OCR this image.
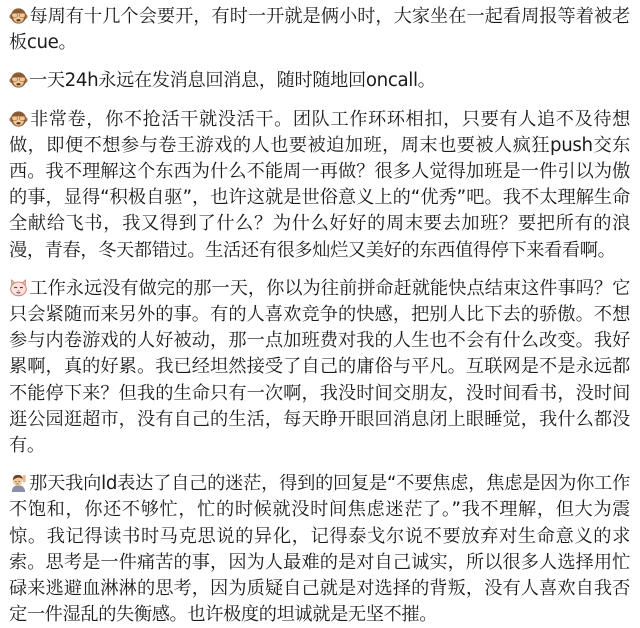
每周有十几个会要开，有时一开就是俩小时，大家坐在一起看周报等着被老板cue。

一天24h永远在发消息回消息，随时随地回oncall。

非常卷，你不抢活干就没活干。团队工作环环相扣，只要有人追不及待想做，即便不想参与卷王游戏的人也要被迫加班，周末也要被人疯狂push交东西。我不理解这个东西为什么不能周一再做？很多人觉得加班是一件引以为傲的事，显得“积极自驱”，也许这就是世俗意义上的“优秀”吧。我不太理解生命全献给飞书，我又得到了什么？为什么好好的周末要去加班？要把所有的浪漫，青春，冬天都错过。生活还有很多灿烂又美好的东西值得停下来看看啊。

工作永远没有做完的那一天，你以为往前拼命赶就能快点结束这件事吗？它只会紧随而来另外的事。有的人喜欢竞争的快感，把别人比下去的骄傲。不想参与内卷游戏的人好被动，那一点加班费对我的人生也不会有什么改变。我好累啊，真的好累。我已经坦然接受了自己的庸俗与平凡。互联网是不是永远都不能停下来？但我的生命只有一次啊，我没时间交朋友，没时间看书，没时间逛公园逛超市，没有自己的生活，每天睁开眼回消息闭上眼睡觉，我什么都没有。

那天我向ld表达了自己的迷茫，得到的回复是“不要焦虑，焦虑是因为你工作不饱和，你还不够忙，忙的时候就没时间焦虑迷茫了。”我不理解，但大为震惊。我记得读书时马克思说的异化，记得泰戈尔说不要放弃对生命意义的求索。思考是一件痛苦的事，因为人最难的是对自己诚实，所以很多人选择用忙碌来逃避血淋淋的思考，因为质疑自己就是对选择的背叛，没有人喜欢自我否定一件湿乱的失衡感。也许极度的坦诚就是无坚不摧。
